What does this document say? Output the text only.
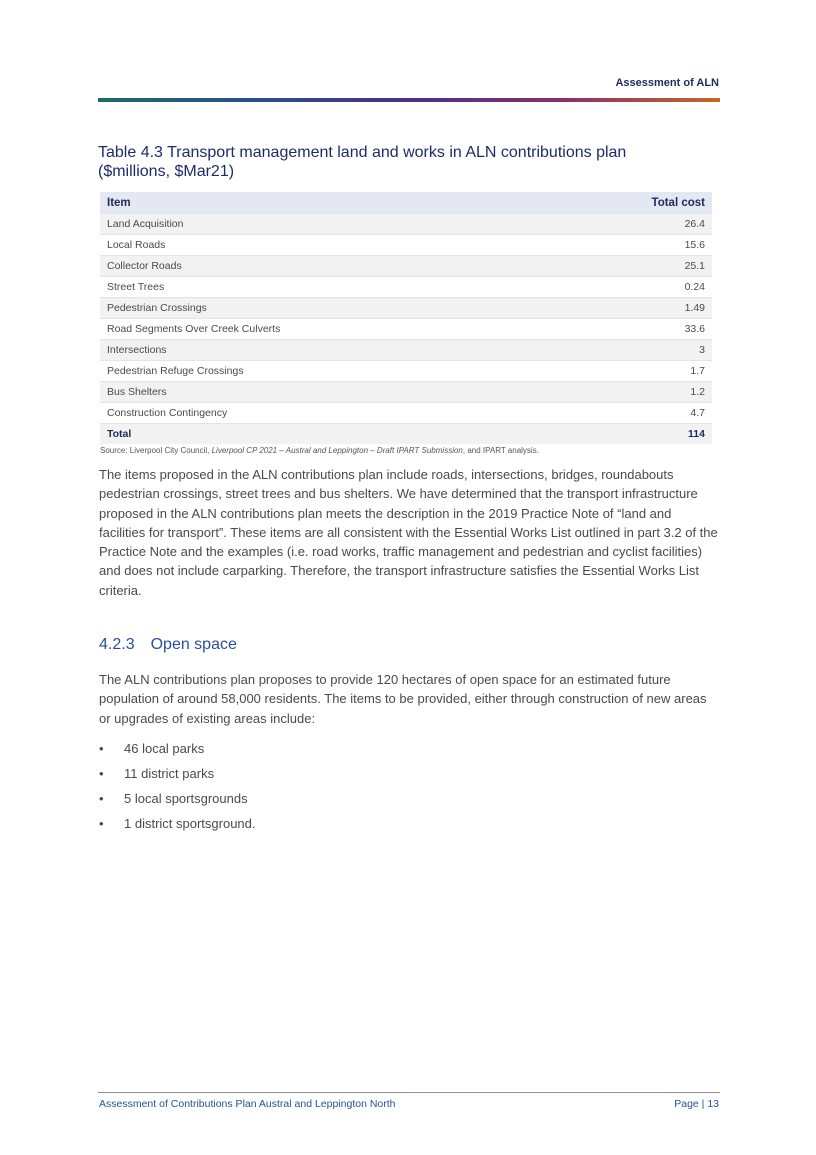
Assessment of ALN
Table 4.3 Transport management land and works in ALN contributions plan ($millions, $Mar21)
Item	Total cost
Land Acquisition	26.4
Local Roads	15.6
Collector Roads	25.1
Street Trees	0.24
Pedestrian Crossings	1.49
Road Segments Over Creek Culverts	33.6
Intersections	3
Pedestrian Refuge Crossings	1.7
Bus Shelters	1.2
Construction Contingency	4.7
Total	114
Source: Liverpool City Council, Liverpool CP 2021 – Austral and Leppington – Draft IPART Submission, and IPART analysis.
The items proposed in the ALN contributions plan include roads, intersections, bridges, roundabouts pedestrian crossings, street trees and bus shelters. We have determined that the transport infrastructure proposed in the ALN contributions plan meets the description in the 2019 Practice Note of “land and facilities for transport”. These items are all consistent with the Essential Works List outlined in part 3.2 of the Practice Note and the examples (i.e. road works, traffic management and pedestrian and cyclist facilities) and does not include carparking. Therefore, the transport infrastructure satisfies the Essential Works List criteria.
4.2.3 Open space
The ALN contributions plan proposes to provide 120 hectares of open space for an estimated future population of around 58,000 residents. The items to be provided, either through construction of new areas or upgrades of existing areas include:
• 46 local parks
• 11 district parks
• 5 local sportsgrounds
• 1 district sportsground.
Assessment of Contributions Plan Austral and Leppington North	Page | 13
